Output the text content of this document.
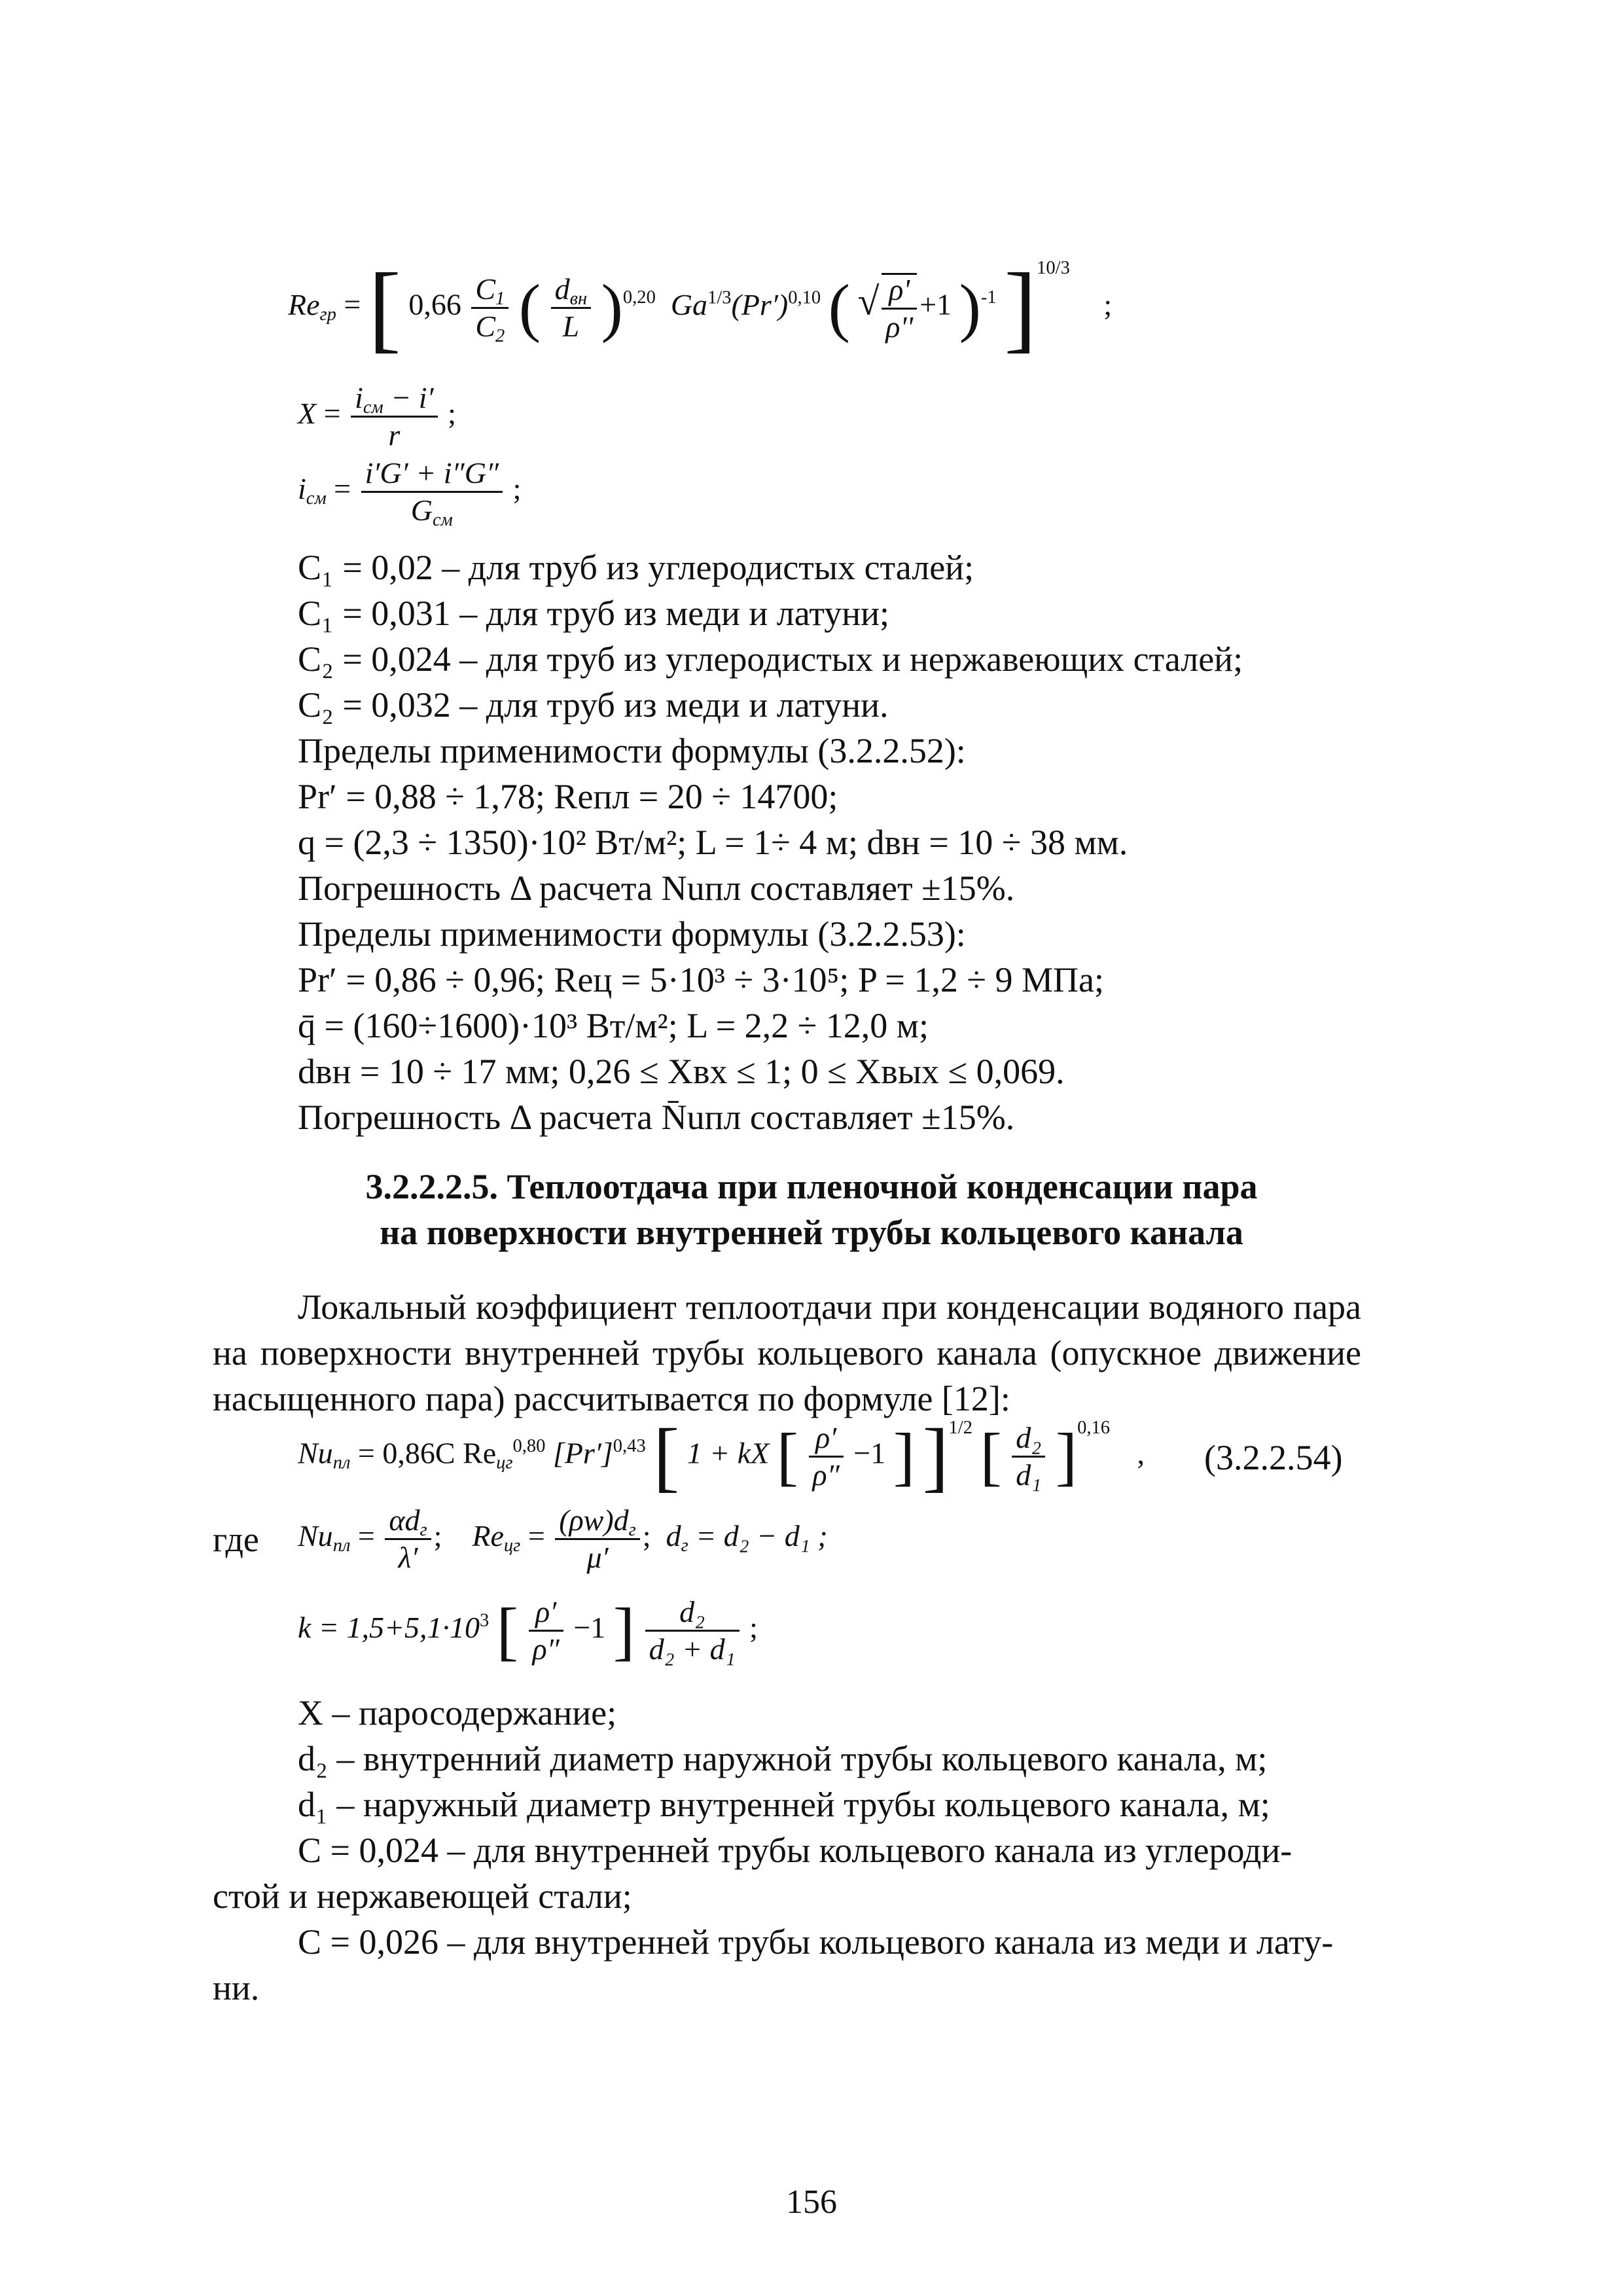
$Re_{гр}$ = [ $0,66 \frac{C_1}{C_2}$ ( $\frac{d_{вн}}{L} )^{0,20}$ $Ga^{1/3}(Pr')^{0,10}$ ( √ $\frac{\rho'}{\rho''} +1$ )$^{-1}$ ]$^{10/3}$ ;
$X = \frac{i_{см} - i'}{r}$ ;
$i_{см} = \frac{i'G' + i''G''}{G_{см}}$ ;
C₁ = 0,02 – для труб из углеродистых сталей;
C₁ = 0,031 – для труб из меди и латуни;
C₂ = 0,024 – для труб из углеродистых и нержавеющих сталей;
C₂ = 0,032 – для труб из меди и латуни.
Пределы применимости формулы (3.2.2.52):
Pr′ = 0,88 ÷ 1,78; Reпл = 20 ÷ 14700;
q = (2,3 ÷ 1350)·10² Вт/м²; L = 1÷ 4 м; dвн = 10 ÷ 38 мм.
Погрешность Δ расчета Nuпл составляет ±15%.
Пределы применимости формулы (3.2.2.53):
Pr′ = 0,86 ÷ 0,96; Reц = 5·10³ ÷ 3·10⁵; P = 1,2 ÷ 9 МПа;
q̄ = (160÷1600)·10³ Вт/м²; L = 2,2 ÷ 12,0 м;
dвн = 10 ÷ 17 мм; 0,26 ≤ Xвх ≤ 1; 0 ≤ Xвых ≤ 0,069.
Погрешность Δ расчета N̄uпл составляет ±15%.
3.2.2.2.5. Теплоотдача при пленочной конденсации пара
на поверхности внутренней трубы кольцевого канала
Локальный коэффициент теплоотдачи при конденсации водяного пара на поверхности внутренней трубы кольцевого канала (опускное движение насыщенного пара) рассчитывается по формуле [12]:
$Nu_{пл} = 0,86C$ $Re_{цг}^{0,80}$ $[Pr']^{0,43}$ [ 1 + kX [ $\frac{\rho'}{\rho''} -1$ ] ]$^{1/2}$ [ $\frac{\text{d₂}}{\text{d₁}} ]^{0,16}$ , (3.2.2.54)
где $Nu_{пл} = \frac{\alpha d_г}{\lambda'}$ ;    $Re_{цг} = \frac{(\rho w)d_г}{\mu'}$ ;  $d_г = d_2 - d_1$ ;
$k = 1,5+5,1\cdot 10^3$ [ $\frac{\rho'}{\rho''} -1$ ] $\frac{\text{d₂}}{\text{d₂ + d₁}}$ ;
X – паросодержание;
d₂ – внутренний диаметр наружной трубы кольцевого канала, м;
d₁ – наружный диаметр внутренней трубы кольцевого канала, м;
C = 0,024 – для внутренней трубы кольцевого канала из углероди-
стой и нержавеющей стали;
C = 0,026 – для внутренней трубы кольцевого канала из меди и лату-
ни.
156
